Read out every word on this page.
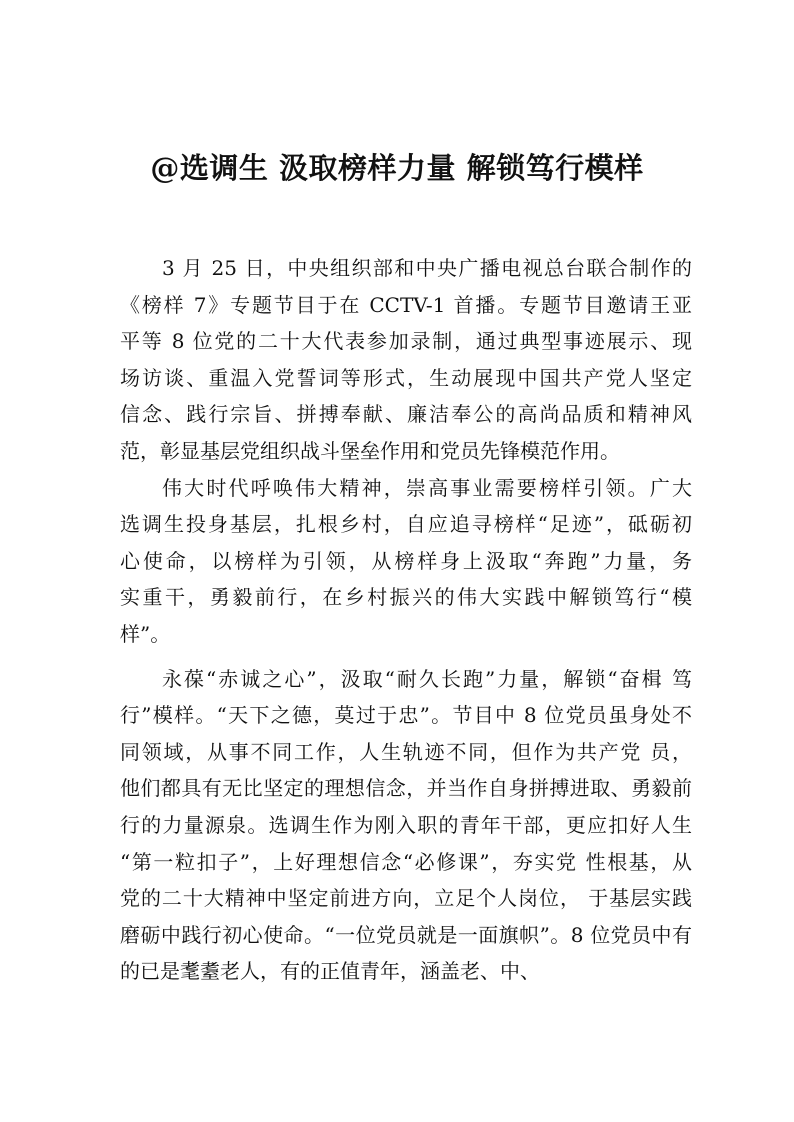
@选调生 汲取榜样力量 解锁笃行模样
3 月 25 日，中央组织部和中央广播电视总台联合制作的
《榜样 7》专题节目于在 CCTV-1 首播。专题节目邀请王亚
平等 8 位党的二十大代表参加录制，通过典型事迹展示、现
场访谈、重温入党誓词等形式，生动展现中国共产党人坚定
信念、践行宗旨、拼搏奉献、廉洁奉公的高尚品质和精神风
范，彰显基层党组织战斗堡垒作用和党员先锋模范作用。
伟大时代呼唤伟大精神，崇高事业需要榜样引领。广大
选调生投身基层，扎根乡村，自应追寻榜样“足迹”，砥砺初
心使命，以榜样为引领，从榜样身上汲取“奔跑”力量，务
实重干，勇毅前行，在乡村振兴的伟大实践中解锁笃行“模
样”。
永葆“赤诚之心”，汲取“耐久长跑”力量，解锁“奋楫 笃
行”模样。“天下之德，莫过于忠”。节目中 8 位党员虽身处不
同领域，从事不同工作，人生轨迹不同，但作为共产党 员，
他们都具有无比坚定的理想信念，并当作自身拼搏进取、勇毅前
行的力量源泉。选调生作为刚入职的青年干部，更应扣好人生
“第一粒扣子”，上好理想信念“必修课”，夯实党 性根基，从
党的二十大精神中坚定前进方向，立足个人岗位， 于基层实践
磨砺中践行初心使命。“一位党员就是一面旗帜”。8 位党员中有
的已是耄耋老人，有的正值青年，涵盖老、中、
